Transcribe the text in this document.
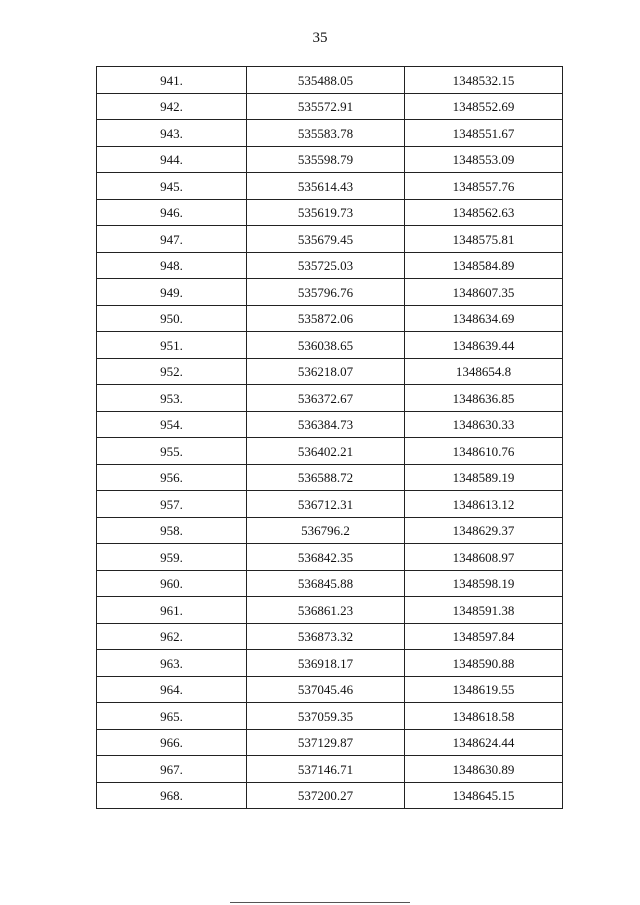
35
941.	535488.05	1348532.15
942.	535572.91	1348552.69
943.	535583.78	1348551.67
944.	535598.79	1348553.09
945.	535614.43	1348557.76
946.	535619.73	1348562.63
947.	535679.45	1348575.81
948.	535725.03	1348584.89
949.	535796.76	1348607.35
950.	535872.06	1348634.69
951.	536038.65	1348639.44
952.	536218.07	1348654.8
953.	536372.67	1348636.85
954.	536384.73	1348630.33
955.	536402.21	1348610.76
956.	536588.72	1348589.19
957.	536712.31	1348613.12
958.	536796.2	1348629.37
959.	536842.35	1348608.97
960.	536845.88	1348598.19
961.	536861.23	1348591.38
962.	536873.32	1348597.84
963.	536918.17	1348590.88
964.	537045.46	1348619.55
965.	537059.35	1348618.58
966.	537129.87	1348624.44
967.	537146.71	1348630.89
968.	537200.27	1348645.15
